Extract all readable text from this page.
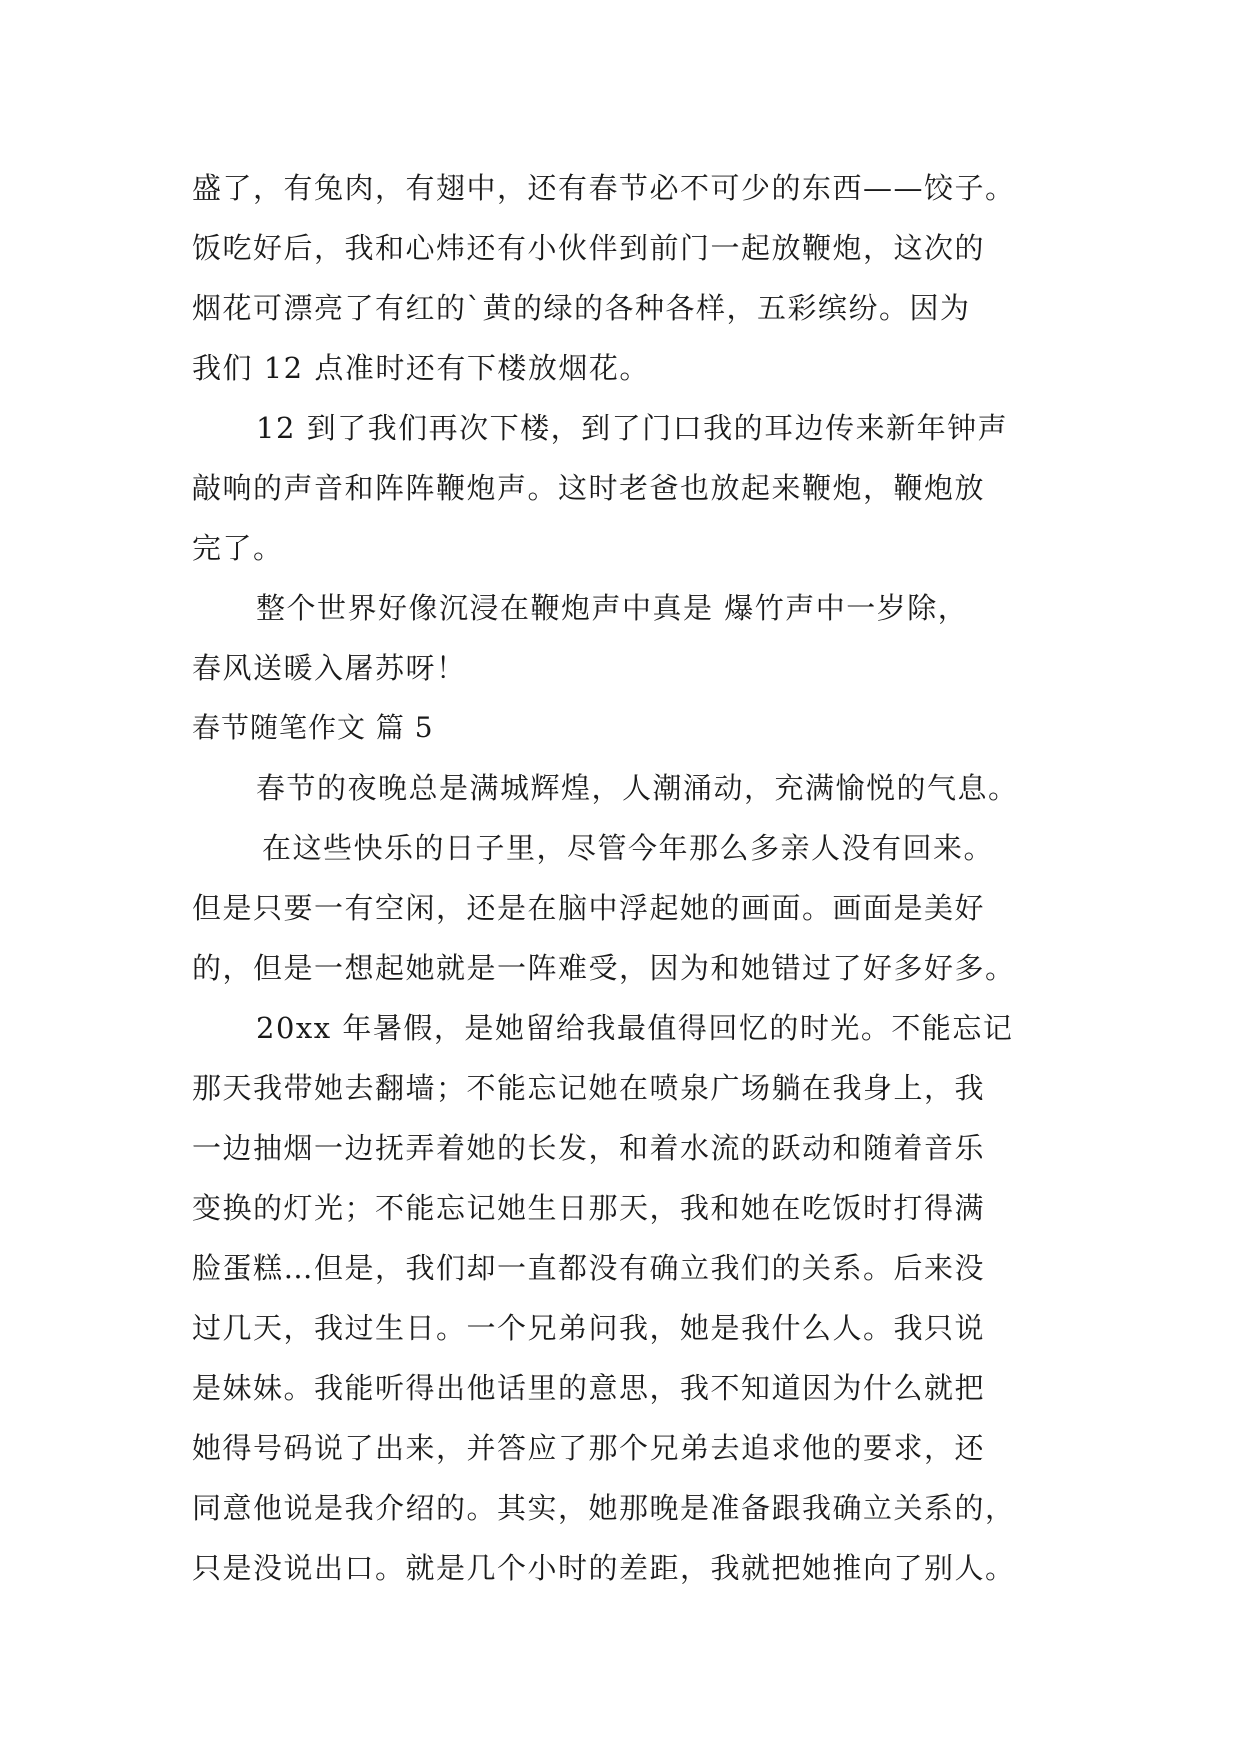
盛了，有兔肉，有翅中，还有春节必不可少的东西——饺子。
饭吃好后，我和心炜还有小伙伴到前门一起放鞭炮，这次的
烟花可漂亮了有红的`黄的绿的各种各样，五彩缤纷。因为
我们 12 点准时还有下楼放烟花。
12 到了我们再次下楼，到了门口我的耳边传来新年钟声
敲响的声音和阵阵鞭炮声。这时老爸也放起来鞭炮，鞭炮放
完了。
整个世界好像沉浸在鞭炮声中真是 爆竹声中一岁除，
春风送暖入屠苏呀！
春节随笔作文 篇 5
春节的夜晚总是满城辉煌，人潮涌动，充满愉悦的气息。
在这些快乐的日子里，尽管今年那么多亲人没有回来。
但是只要一有空闲，还是在脑中浮起她的画面。画面是美好
的，但是一想起她就是一阵难受，因为和她错过了好多好多。
20xx 年暑假，是她留给我最值得回忆的时光。不能忘记
那天我带她去翻墙；不能忘记她在喷泉广场躺在我身上，我
一边抽烟一边抚弄着她的长发，和着水流的跃动和随着音乐
变换的灯光；不能忘记她生日那天，我和她在吃饭时打得满
脸蛋糕…但是，我们却一直都没有确立我们的关系。后来没
过几天，我过生日。一个兄弟问我，她是我什么人。我只说
是妹妹。我能听得出他话里的意思，我不知道因为什么就把
她得号码说了出来，并答应了那个兄弟去追求他的要求，还
同意他说是我介绍的。其实，她那晚是准备跟我确立关系的，
只是没说出口。就是几个小时的差距，我就把她推向了别人。
